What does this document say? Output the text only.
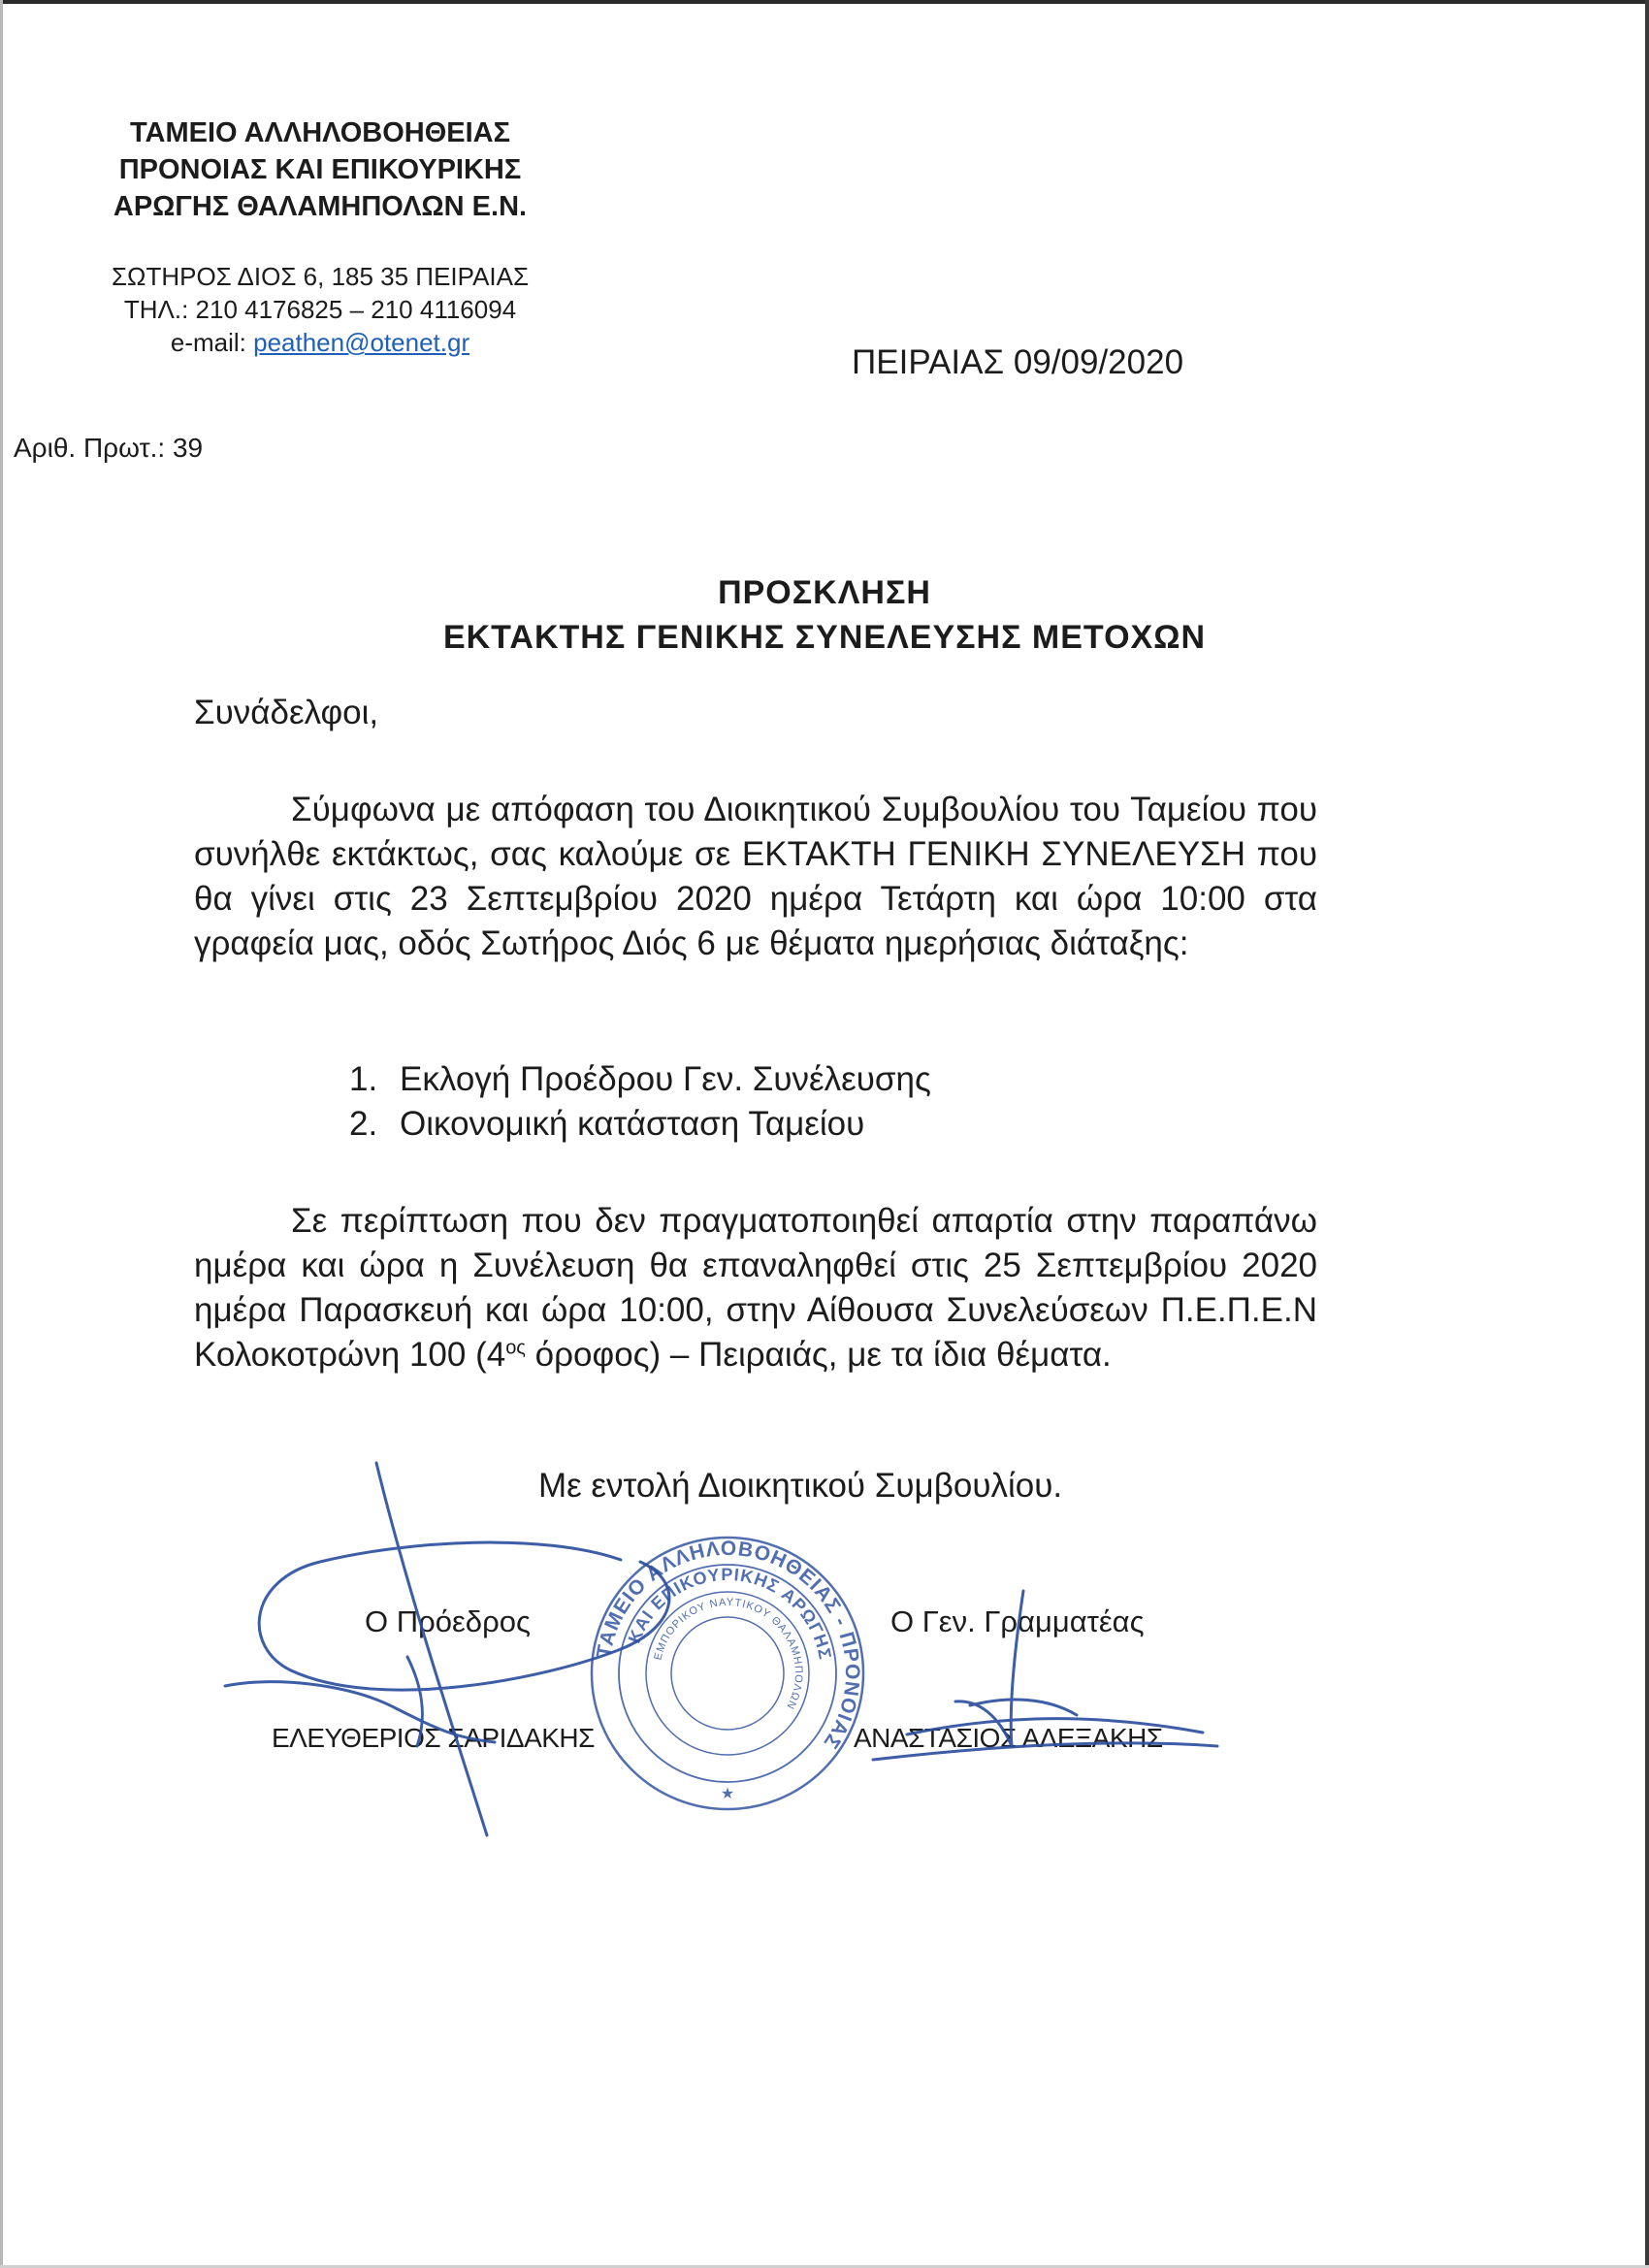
ΤΑΜΕΙΟ ΑΛΛΗΛΟΒΟΗΘΕΙΑΣ
ΠΡΟΝΟΙΑΣ ΚΑΙ ΕΠΙΚΟΥΡΙΚΗΣ
ΑΡΩΓΗΣ ΘΑΛΑΜΗΠΟΛΩΝ Ε.Ν.
ΣΩΤΗΡΟΣ ΔΙΟΣ 6, 185 35 ΠΕΙΡΑΙΑΣ
ΤΗΛ.: 210 4176825 – 210 4116094
e-mail: peathen@otenet.gr
ΠΕΙΡΑΙΑΣ 09/09/2020
Αριθ. Πρωτ.: 39
ΠΡΟΣΚΛΗΣΗ
ΕΚΤΑΚΤΗΣ ΓΕΝΙΚΗΣ ΣΥΝΕΛΕΥΣΗΣ ΜΕΤΟΧΩΝ
Συνάδελφοι,

Σύμφωνα με απόφαση του Διοικητικού Συμβουλίου του Ταμείου που συνήλθε εκτάκτως, σας καλούμε σε ΕΚΤΑΚΤΗ ΓΕΝΙΚΗ ΣΥΝΕΛΕΥΣΗ που θα γίνει στις 23 Σεπτεμβρίου 2020 ημέρα Τετάρτη και ώρα 10:00 στα γραφεία μας, οδός Σωτήρος Διός 6 με θέματα ημερήσιας διάταξης:

1. Εκλογή Προέδρου Γεν. Συνέλευσης
2. Οικονομική κατάσταση Ταμείου

Σε περίπτωση που δεν πραγματοποιηθεί απαρτία στην παραπάνω ημέρα και ώρα η Συνέλευση θα επαναληφθεί στις 25 Σεπτεμβρίου 2020 ημέρα Παρασκευή και ώρα 10:00, στην Αίθουσα Συνελεύσεων Π.Ε.Π.Ε.Ν Κολοκοτρώνη 100 ($4^{o\varsigma}$ όροφος) – Πειραιάς, με τα ίδια θέματα.

Με εντολή Διοικητικού Συμβουλίου.
Ο Πρόεδρος	Ο Γεν. Γραμματέας
ΕΛΕΥΘΕΡΙΟΣ ΣΑΡΙΔΑΚΗΣ	ΑΝΑΣΤΑΣΙΟΣ ΑΛΕΞΑΚΗΣ
ΤΑΜΕΙΟ ΑΛΛΗΛΟΒΟΗΘΕΙΑΣ - ΠΡΟΝΟΙΑΣ
ΚΑΙ ΕΠΙΚΟΥΡΙΚΗΣ ΑΡΩΓΗΣ
ΕΜΠΟΡΙΚΟΥ ΝΑΥΤΙΚΟΥ ΘΑΛΑΜΗΠΟΛΩΝ
★
